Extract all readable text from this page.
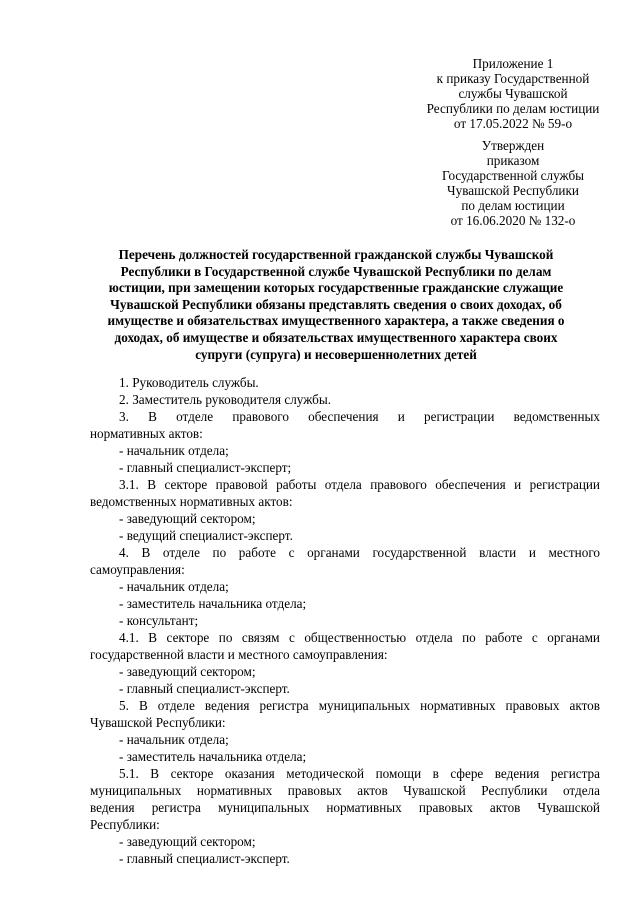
Приложение 1
к приказу Государственной
службы Чувашской
Республики по делам юстиции
от 17.05.2022 № 59-о
Утвержден
приказом
Государственной службы
Чувашской Республики
по делам юстиции
от 16.06.2020 № 132-о
Перечень должностей государственной гражданской службы Чувашской
Республики в Государственной службе Чувашской Республики по делам
юстиции, при замещении которых государственные гражданские служащие
Чувашской Республики обязаны представлять сведения о своих доходах, об
имуществе и обязательствах имущественного характера, а также сведения о
доходах, об имуществе и обязательствах имущественного характера своих
супруги (супруга) и несовершеннолетних детей
1. Руководитель службы.
2. Заместитель руководителя службы.
3. В отделе правового обеспечения и регистрации ведомственных
нормативных актов:
- начальник отдела;
- главный специалист-эксперт;
3.1. В секторе правовой работы отдела правового обеспечения и регистрации
ведомственных нормативных актов:
- заведующий сектором;
- ведущий специалист-эксперт.
4. В отделе по работе с органами государственной власти и местного
самоуправления:
- начальник отдела;
- заместитель начальника отдела;
- консультант;
4.1. В секторе по связям с общественностью отдела по работе с органами
государственной власти и местного самоуправления:
- заведующий сектором;
- главный специалист-эксперт.
5. В отделе ведения регистра муниципальных нормативных правовых актов
Чувашской Республики:
- начальник отдела;
- заместитель начальника отдела;
5.1. В секторе оказания методической помощи в сфере ведения регистра
муниципальных нормативных правовых актов Чувашской Республики отдела
ведения регистра муниципальных нормативных правовых актов Чувашской
Республики:
- заведующий сектором;
- главный специалист-эксперт.
